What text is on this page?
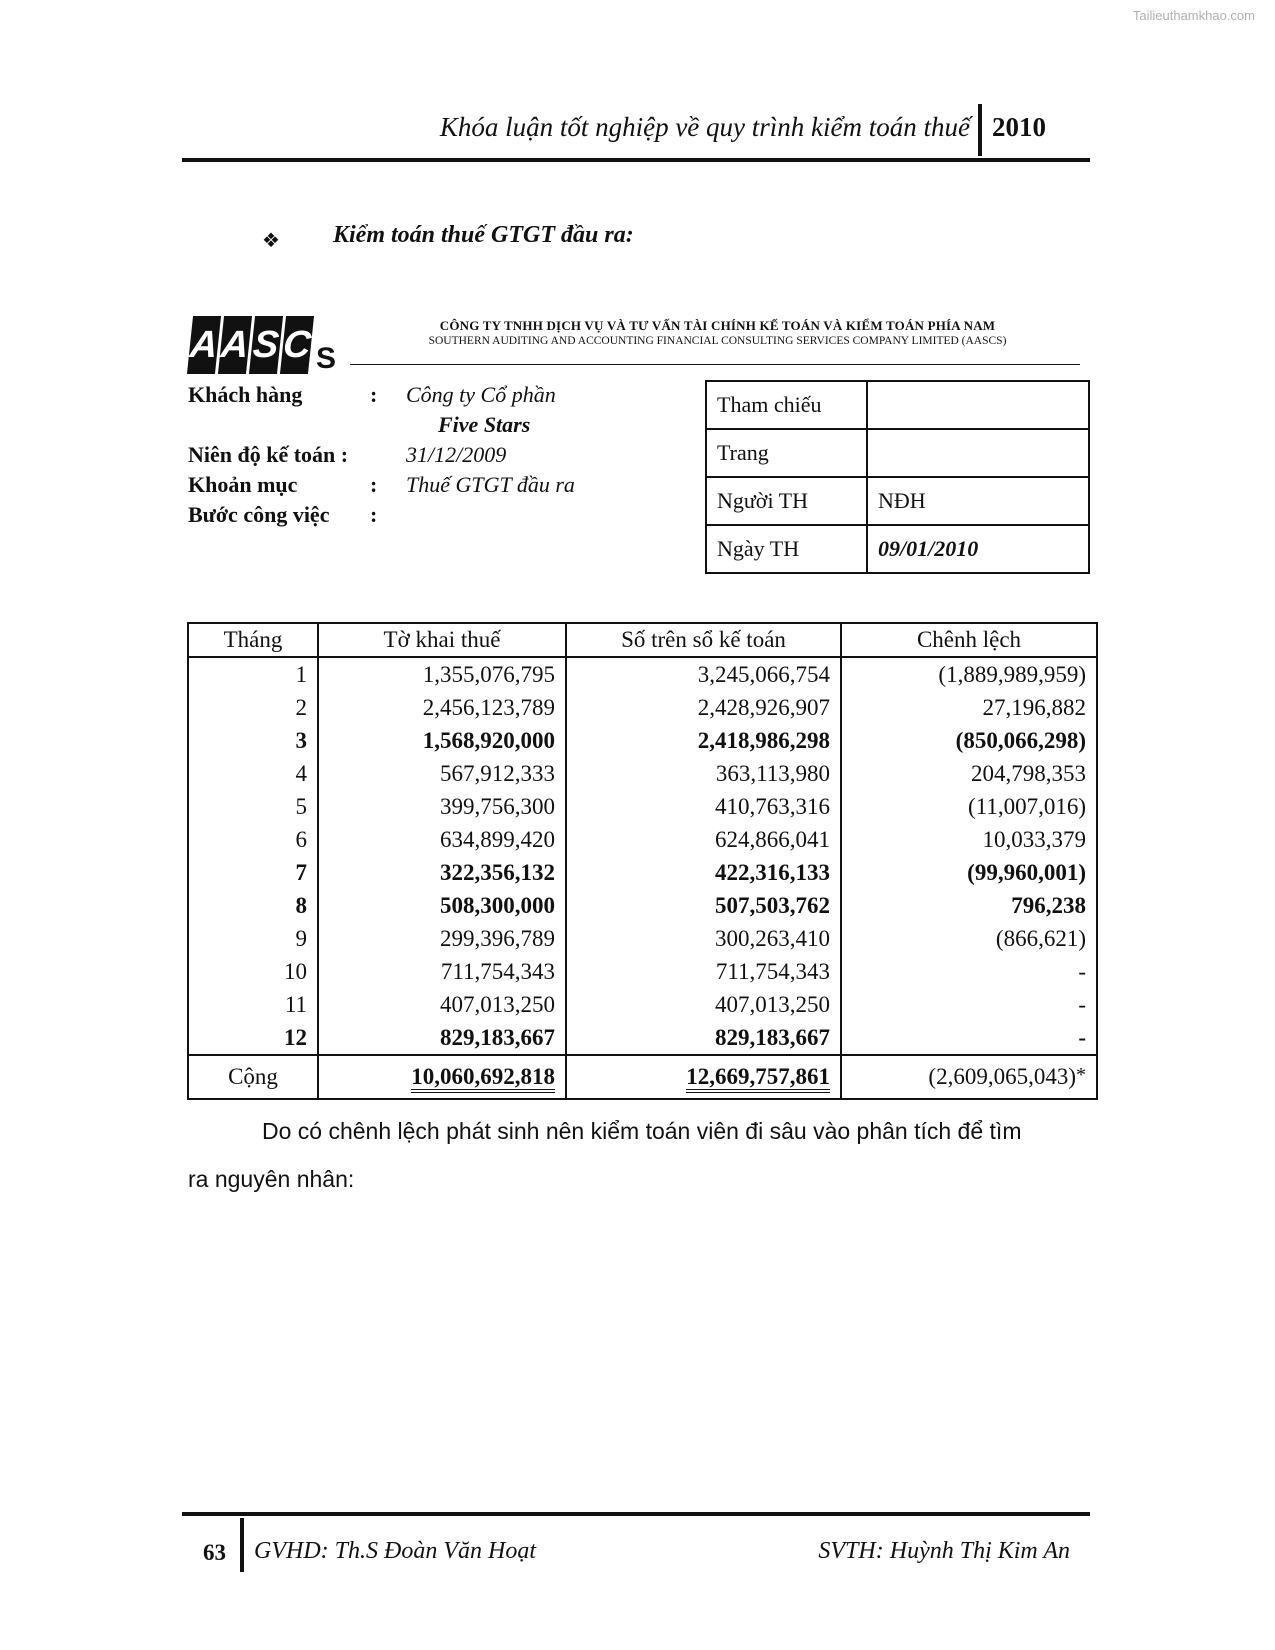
Tailieuthamkhao.com
Khóa luận tốt nghiệp về quy trình kiểm toán thuế 2010
❖ Kiểm toán thuế GTGT đầu ra:
A A S C S
CÔNG TY TNHH DỊCH VỤ VÀ TƯ VẤN TÀI CHÍNH KẾ TOÁN VÀ KIỂM TOÁN PHÍA NAM
SOUTHERN AUDITING AND ACCOUNTING FINANCIAL CONSULTING SERVICES COMPANY LIMITED (AASCS)
Khách hàng	: Công ty Cổ phần
Five Stars
Niên độ kế toán :	31/12/2009
Khoản mục	: Thuế GTGT đầu ra
Bước công việc :
Tham chiếu	
Trang	
Người TH	NĐH
Ngày TH	09/01/2010
Tháng	Tờ khai thuế	Số trên sổ kế toán	Chênh lệch
1	1,355,076,795	3,245,066,754	(1,889,989,959)
2	2,456,123,789	2,428,926,907	27,196,882
3	1,568,920,000	2,418,986,298	(850,066,298)
4	567,912,333	363,113,980	204,798,353
5	399,756,300	410,763,316	(11,007,016)
6	634,899,420	624,866,041	10,033,379
7	322,356,132	422,316,133	(99,960,001)
8	508,300,000	507,503,762	796,238
9	299,396,789	300,263,410	(866,621)
10	711,754,343	711,754,343	-
11	407,013,250	407,013,250	-
12	829,183,667	829,183,667	-
Cộng	10,060,692,818	12,669,757,861	(2,609,065,043)*
Do có chênh lệch phát sinh nên kiểm toán viên đi sâu vào phân tích để tìm
ra nguyên nhân:
63 GVHD: Th.S Đoàn Văn Hoạt	SVTH: Huỳnh Thị Kim An
